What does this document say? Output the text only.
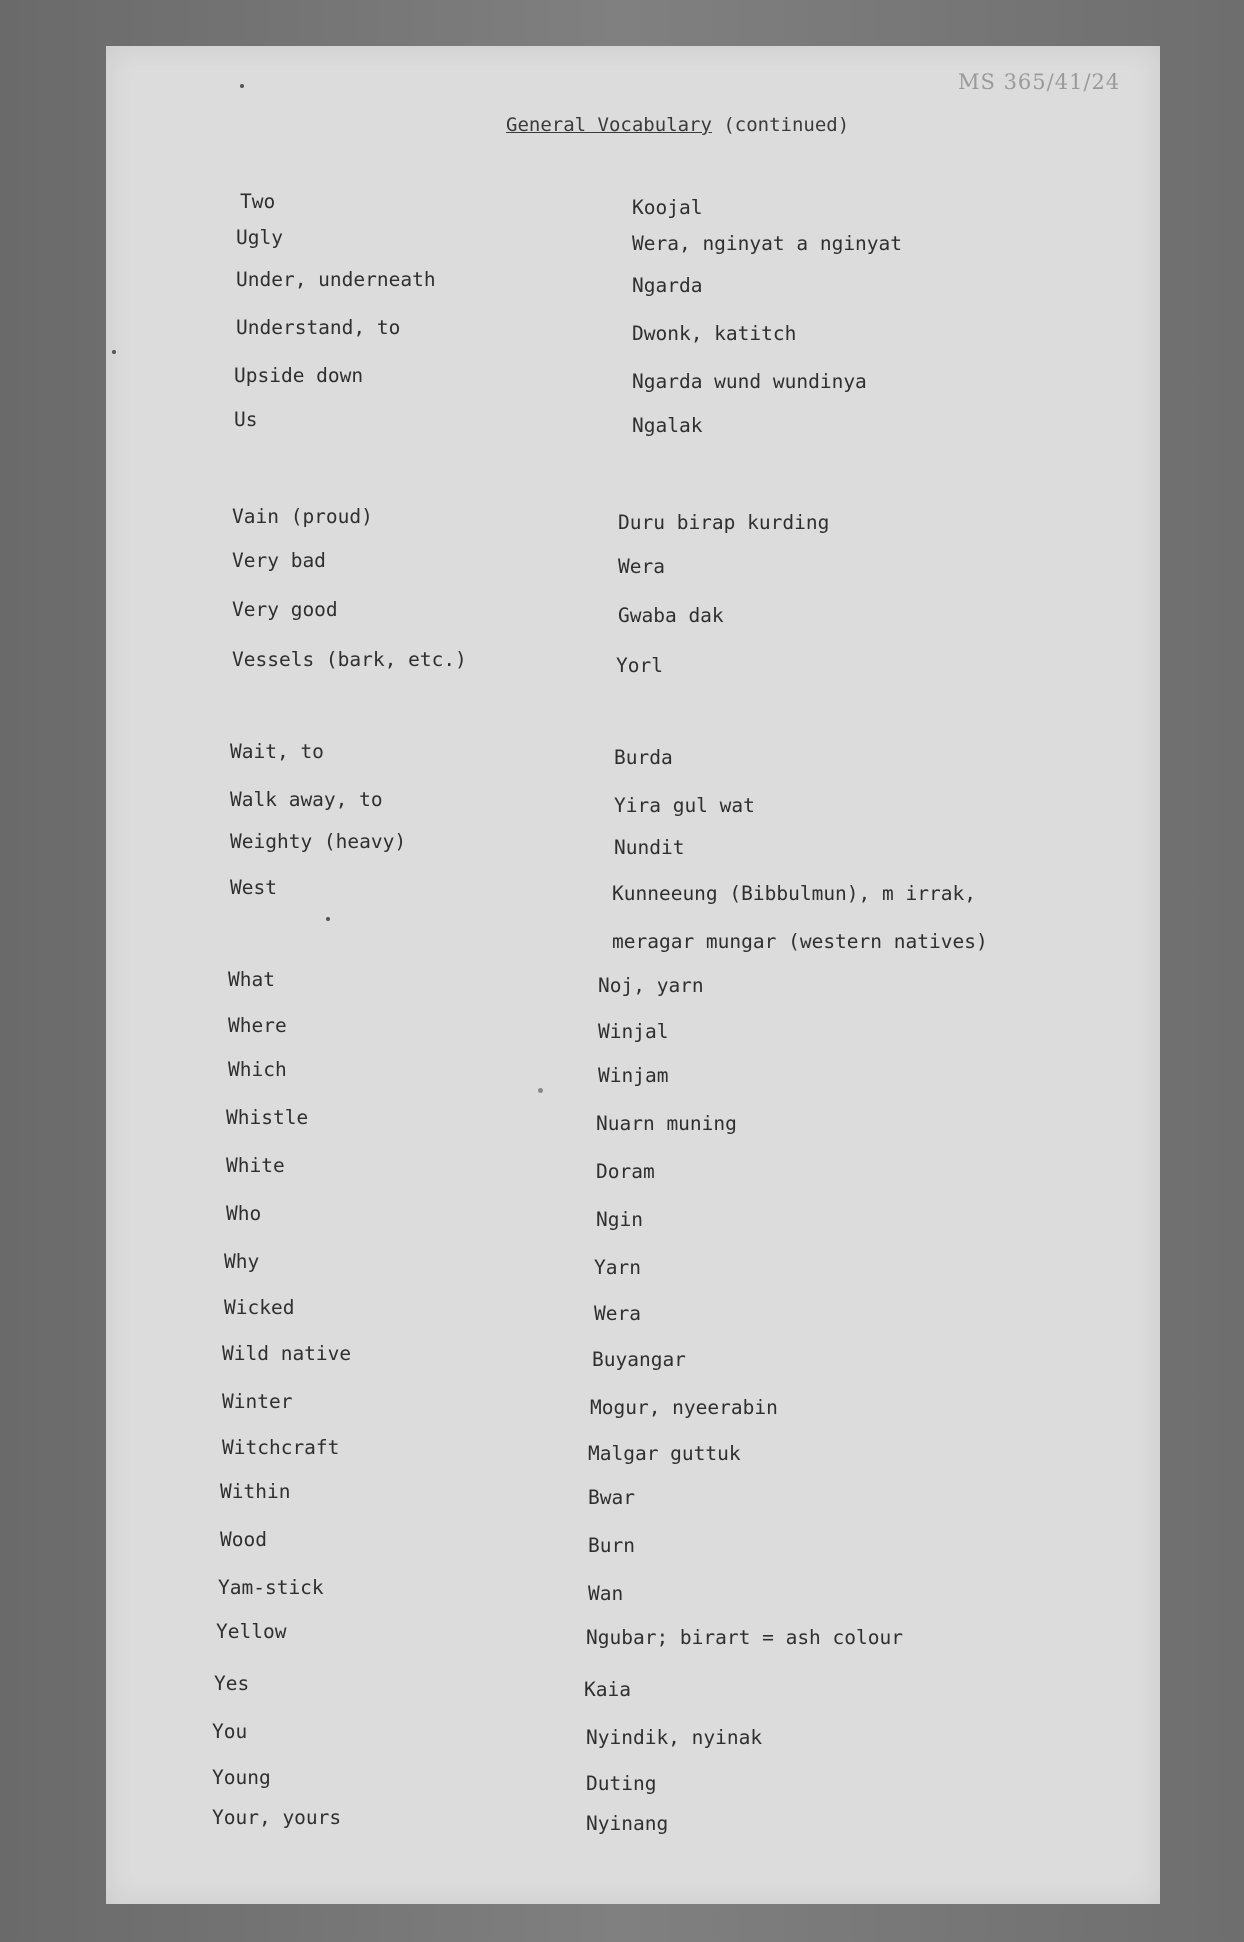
MS 365/41/24
General Vocabulary (continued)
Two	Koojal
Ugly	Wera, nginyat a nginyat
Under, underneath	Ngarda
Understand, to	Dwonk, katitch
Upside down	Ngarda wund wundinya
Us	Ngalak
Vain (proud)	Duru birap kurding
Very bad	Wera
Very good	Gwaba dak
Vessels (bark, etc.)	Yorl
Wait, to	Burda
Walk away, to	Yira gul wat
Weighty (heavy)	Nundit
West	Kunneeung (Bibbulmun), m irrak,
meragar mungar (western natives)
What	Noj, yarn
Where	Winjal
Which	Winjam
Whistle	Nuarn muning
White	Doram
Who	Ngin
Why	Yarn
Wicked	Wera
Wild native	Buyangar
Winter	Mogur, nyeerabin
Witchcraft	Malgar guttuk
Within	Bwar
Wood	Burn
Yam-stick	Wan
Yellow	Ngubar; birart = ash colour
Yes	Kaia
You	Nyindik, nyinak
Young	Duting
Your, yours	Nyinang
